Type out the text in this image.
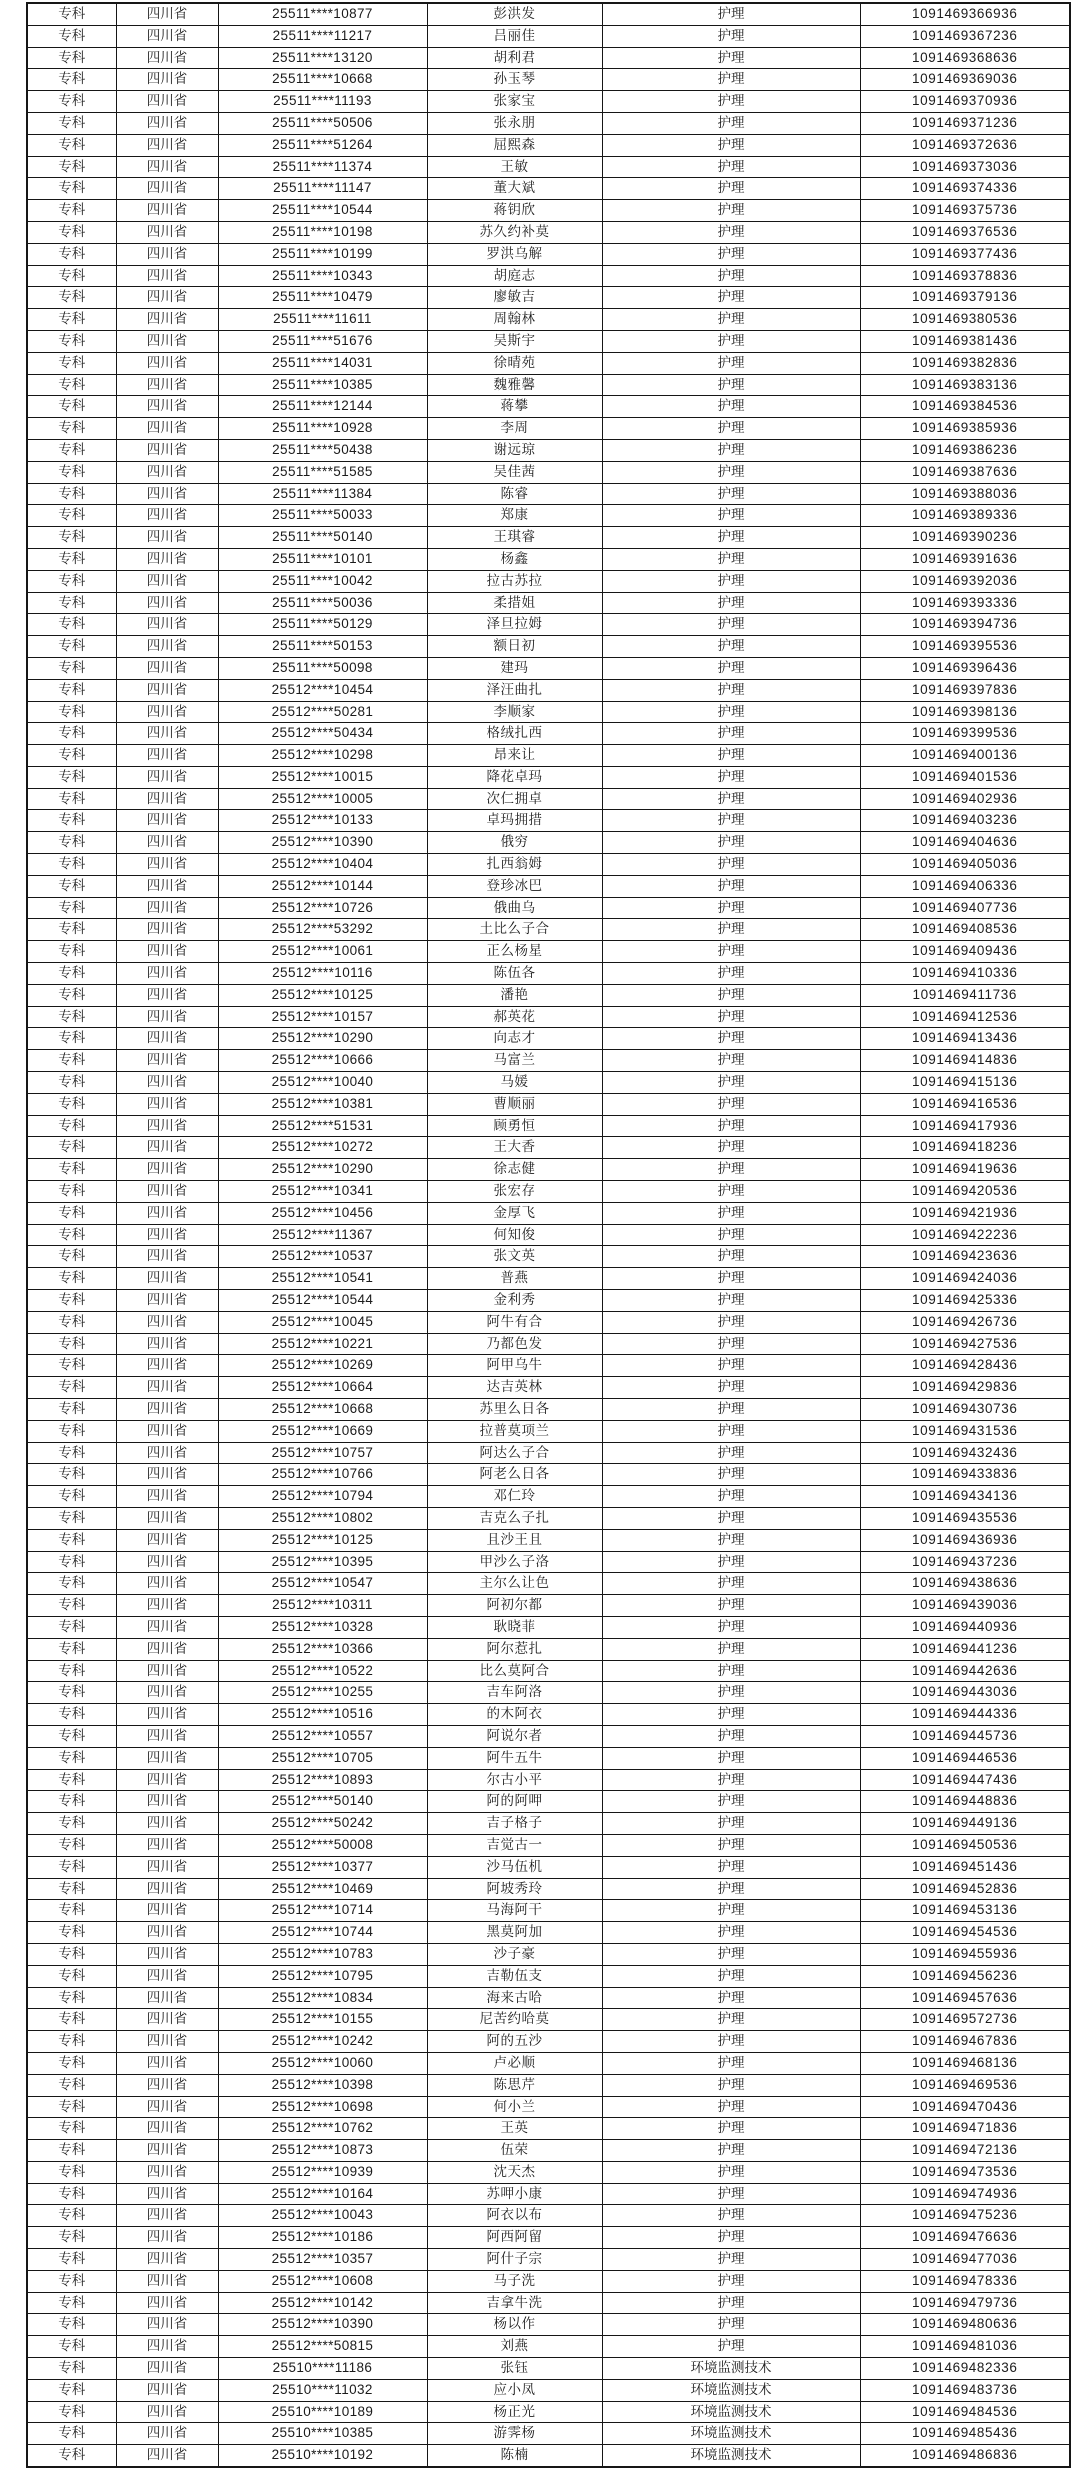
专科	四川省	25511****10877	彭洪发	护理	1091469366936
专科	四川省	25511****11217	吕丽佳	护理	1091469367236
专科	四川省	25511****13120	胡利君	护理	1091469368636
专科	四川省	25511****10668	孙玉琴	护理	1091469369036
专科	四川省	25511****11193	张家宝	护理	1091469370936
专科	四川省	25511****50506	张永朋	护理	1091469371236
专科	四川省	25511****51264	屈熙森	护理	1091469372636
专科	四川省	25511****11374	王敏	护理	1091469373036
专科	四川省	25511****11147	董大斌	护理	1091469374336
专科	四川省	25511****10544	蒋钥欣	护理	1091469375736
专科	四川省	25511****10198	苏久约补莫	护理	1091469376536
专科	四川省	25511****10199	罗洪乌解	护理	1091469377436
专科	四川省	25511****10343	胡庭志	护理	1091469378836
专科	四川省	25511****10479	廖敏吉	护理	1091469379136
专科	四川省	25511****11611	周翰林	护理	1091469380536
专科	四川省	25511****51676	吴斯宇	护理	1091469381436
专科	四川省	25511****14031	徐晴苑	护理	1091469382836
专科	四川省	25511****10385	魏雅馨	护理	1091469383136
专科	四川省	25511****12144	蒋攀	护理	1091469384536
专科	四川省	25511****10928	李周	护理	1091469385936
专科	四川省	25511****50438	谢远琼	护理	1091469386236
专科	四川省	25511****51585	吴佳茜	护理	1091469387636
专科	四川省	25511****11384	陈睿	护理	1091469388036
专科	四川省	25511****50033	郑康	护理	1091469389336
专科	四川省	25511****50140	王琪睿	护理	1091469390236
专科	四川省	25511****10101	杨鑫	护理	1091469391636
专科	四川省	25511****10042	拉古苏拉	护理	1091469392036
专科	四川省	25511****50036	柔措姐	护理	1091469393336
专科	四川省	25511****50129	泽旦拉姆	护理	1091469394736
专科	四川省	25511****50153	额日初	护理	1091469395536
专科	四川省	25511****50098	建玛	护理	1091469396436
专科	四川省	25512****10454	泽汪曲扎	护理	1091469397836
专科	四川省	25512****50281	李顺家	护理	1091469398136
专科	四川省	25512****50434	格绒扎西	护理	1091469399536
专科	四川省	25512****10298	昂来让	护理	1091469400136
专科	四川省	25512****10015	降花卓玛	护理	1091469401536
专科	四川省	25512****10005	次仁拥卓	护理	1091469402936
专科	四川省	25512****10133	卓玛拥措	护理	1091469403236
专科	四川省	25512****10390	俄穷	护理	1091469404636
专科	四川省	25512****10404	扎西翁姆	护理	1091469405036
专科	四川省	25512****10144	登珍冰巴	护理	1091469406336
专科	四川省	25512****10726	俄曲乌	护理	1091469407736
专科	四川省	25512****53292	土比么子合	护理	1091469408536
专科	四川省	25512****10061	正么杨星	护理	1091469409436
专科	四川省	25512****10116	陈伍各	护理	1091469410336
专科	四川省	25512****10125	潘艳	护理	1091469411736
专科	四川省	25512****10157	郝英花	护理	1091469412536
专科	四川省	25512****10290	向志才	护理	1091469413436
专科	四川省	25512****10666	马富兰	护理	1091469414836
专科	四川省	25512****10040	马媛	护理	1091469415136
专科	四川省	25512****10381	曹顺丽	护理	1091469416536
专科	四川省	25512****51531	顾勇恒	护理	1091469417936
专科	四川省	25512****10272	王大香	护理	1091469418236
专科	四川省	25512****10290	徐志健	护理	1091469419636
专科	四川省	25512****10341	张宏存	护理	1091469420536
专科	四川省	25512****10456	金厚飞	护理	1091469421936
专科	四川省	25512****11367	何知俊	护理	1091469422236
专科	四川省	25512****10537	张文英	护理	1091469423636
专科	四川省	25512****10541	普燕	护理	1091469424036
专科	四川省	25512****10544	金利秀	护理	1091469425336
专科	四川省	25512****10045	阿牛有合	护理	1091469426736
专科	四川省	25512****10221	乃都色发	护理	1091469427536
专科	四川省	25512****10269	阿甲乌牛	护理	1091469428436
专科	四川省	25512****10664	达吉英林	护理	1091469429836
专科	四川省	25512****10668	苏里么日各	护理	1091469430736
专科	四川省	25512****10669	拉普莫项兰	护理	1091469431536
专科	四川省	25512****10757	阿达么子合	护理	1091469432436
专科	四川省	25512****10766	阿老么日各	护理	1091469433836
专科	四川省	25512****10794	邓仁玲	护理	1091469434136
专科	四川省	25512****10802	吉克么子扎	护理	1091469435536
专科	四川省	25512****10125	且沙王且	护理	1091469436936
专科	四川省	25512****10395	甲沙么子洛	护理	1091469437236
专科	四川省	25512****10547	主尔么让色	护理	1091469438636
专科	四川省	25512****10311	阿初尔都	护理	1091469439036
专科	四川省	25512****10328	耿晓菲	护理	1091469440936
专科	四川省	25512****10366	阿尔惹扎	护理	1091469441236
专科	四川省	25512****10522	比么莫阿合	护理	1091469442636
专科	四川省	25512****10255	吉车阿洛	护理	1091469443036
专科	四川省	25512****10516	的木阿衣	护理	1091469444336
专科	四川省	25512****10557	阿说尔者	护理	1091469445736
专科	四川省	25512****10705	阿牛五牛	护理	1091469446536
专科	四川省	25512****10893	尔古小平	护理	1091469447436
专科	四川省	25512****50140	阿的阿呷	护理	1091469448836
专科	四川省	25512****50242	吉子格子	护理	1091469449136
专科	四川省	25512****50008	吉觉古一	护理	1091469450536
专科	四川省	25512****10377	沙马伍机	护理	1091469451436
专科	四川省	25512****10469	阿坡秀玲	护理	1091469452836
专科	四川省	25512****10714	马海阿干	护理	1091469453136
专科	四川省	25512****10744	黑莫阿加	护理	1091469454536
专科	四川省	25512****10783	沙子豪	护理	1091469455936
专科	四川省	25512****10795	吉勒伍支	护理	1091469456236
专科	四川省	25512****10834	海来古哈	护理	1091469457636
专科	四川省	25512****10155	尼苦约哈莫	护理	1091469572736
专科	四川省	25512****10242	阿的五沙	护理	1091469467836
专科	四川省	25512****10060	卢必顺	护理	1091469468136
专科	四川省	25512****10398	陈思芹	护理	1091469469536
专科	四川省	25512****10698	何小兰	护理	1091469470436
专科	四川省	25512****10762	王英	护理	1091469471836
专科	四川省	25512****10873	伍荣	护理	1091469472136
专科	四川省	25512****10939	沈天杰	护理	1091469473536
专科	四川省	25512****10164	苏呷小康	护理	1091469474936
专科	四川省	25512****10043	阿衣以布	护理	1091469475236
专科	四川省	25512****10186	阿西阿留	护理	1091469476636
专科	四川省	25512****10357	阿什子宗	护理	1091469477036
专科	四川省	25512****10608	马子洗	护理	1091469478336
专科	四川省	25512****10142	吉拿牛洗	护理	1091469479736
专科	四川省	25512****10390	杨以作	护理	1091469480636
专科	四川省	25512****50815	刘燕	护理	1091469481036
专科	四川省	25510****11186	张钰	环境监测技术	1091469482336
专科	四川省	25510****11032	应小凤	环境监测技术	1091469483736
专科	四川省	25510****10189	杨正光	环境监测技术	1091469484536
专科	四川省	25510****10385	游霁杨	环境监测技术	1091469485436
专科	四川省	25510****10192	陈楠	环境监测技术	1091469486836
